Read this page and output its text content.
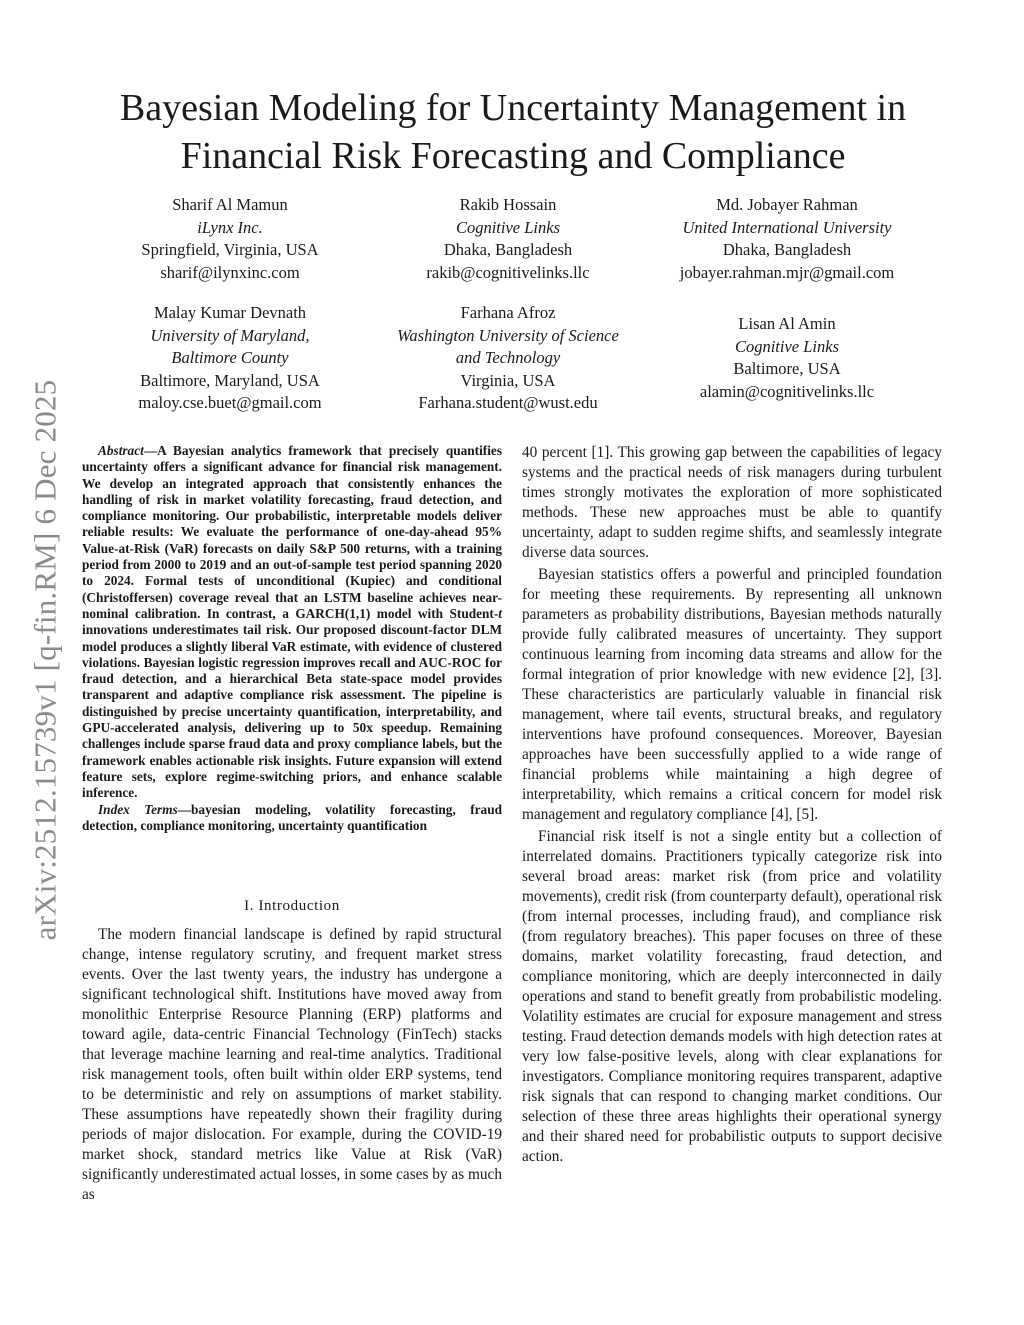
arXiv:2512.15739v1 [q-fin.RM] 6 Dec 2025
Bayesian Modeling for Uncertainty Management in
Financial Risk Forecasting and Compliance
Sharif Al Mamun
iLynx Inc.
Springfield, Virginia, USA
sharif@ilynxinc.com
Rakib Hossain
Cognitive Links
Dhaka, Bangladesh
rakib@cognitivelinks.llc
Md. Jobayer Rahman
United International University
Dhaka, Bangladesh
jobayer.rahman.mjr@gmail.com
Malay Kumar Devnath
University of Maryland,
Baltimore County
Baltimore, Maryland, USA
maloy.cse.buet@gmail.com
Farhana Afroz
Washington University of Science
and Technology
Virginia, USA
Farhana.student@wust.edu
Lisan Al Amin
Cognitive Links
Baltimore, USA
alamin@cognitivelinks.llc

Abstract—A Bayesian analytics framework that precisely quantifies uncertainty offers a significant advance for financial risk management. We develop an integrated approach that consistently enhances the handling of risk in market volatility forecasting, fraud detection, and compliance monitoring. Our probabilistic, interpretable models deliver reliable results: We evaluate the performance of one-day-ahead 95% Value-at-Risk (VaR) forecasts on daily S&P 500 returns, with a training period from 2000 to 2019 and an out-of-sample test period spanning 2020 to 2024. Formal tests of unconditional (Kupiec) and conditional (Christoffersen) coverage reveal that an LSTM baseline achieves near-nominal calibration. In contrast, a GARCH(1,1) model with Student-t innovations underestimates tail risk. Our proposed discount-factor DLM model produces a slightly liberal VaR estimate, with evidence of clustered violations. Bayesian logistic regression improves recall and AUC-ROC for fraud detection, and a hierarchical Beta state-space model provides transparent and adaptive compliance risk assessment. The pipeline is distinguished by precise uncertainty quantification, interpretability, and GPU-accelerated analysis, delivering up to 50x speedup. Remaining challenges include sparse fraud data and proxy compliance labels, but the framework enables actionable risk insights. Future expansion will extend feature sets, explore regime-switching priors, and enhance scalable inference.

Index Terms—bayesian modeling, volatility forecasting, fraud detection, compliance monitoring, uncertainty quantification

I. Introduction

The modern financial landscape is defined by rapid structural change, intense regulatory scrutiny, and frequent market stress events. Over the last twenty years, the industry has undergone a significant technological shift. Institutions have moved away from monolithic Enterprise Resource Planning (ERP) platforms and toward agile, data-centric Financial Technology (FinTech) stacks that leverage machine learning and real-time analytics. Traditional risk management tools, often built within older ERP systems, tend to be deterministic and rely on assumptions of market stability. These assumptions have repeatedly shown their fragility during periods of major dislocation. For example, during the COVID-19 market shock, standard metrics like Value at Risk (VaR) significantly underestimated actual losses, in some cases by as much as

40 percent [1]. This growing gap between the capabilities of legacy systems and the practical needs of risk managers during turbulent times strongly motivates the exploration of more sophisticated methods. These new approaches must be able to quantify uncertainty, adapt to sudden regime shifts, and seamlessly integrate diverse data sources.

Bayesian statistics offers a powerful and principled foundation for meeting these requirements. By representing all unknown parameters as probability distributions, Bayesian methods naturally provide fully calibrated measures of uncertainty. They support continuous learning from incoming data streams and allow for the formal integration of prior knowledge with new evidence [2], [3]. These characteristics are particularly valuable in financial risk management, where tail events, structural breaks, and regulatory interventions have profound consequences. Moreover, Bayesian approaches have been successfully applied to a wide range of financial problems while maintaining a high degree of interpretability, which remains a critical concern for model risk management and regulatory compliance [4], [5].

Financial risk itself is not a single entity but a collection of interrelated domains. Practitioners typically categorize risk into several broad areas: market risk (from price and volatility movements), credit risk (from counterparty default), operational risk (from internal processes, including fraud), and compliance risk (from regulatory breaches). This paper focuses on three of these domains, market volatility forecasting, fraud detection, and compliance monitoring, which are deeply interconnected in daily operations and stand to benefit greatly from probabilistic modeling. Volatility estimates are crucial for exposure management and stress testing. Fraud detection demands models with high detection rates at very low false-positive levels, along with clear explanations for investigators. Compliance monitoring requires transparent, adaptive risk signals that can respond to changing market conditions. Our selection of these three areas highlights their operational synergy and their shared need for probabilistic outputs to support decisive action.
